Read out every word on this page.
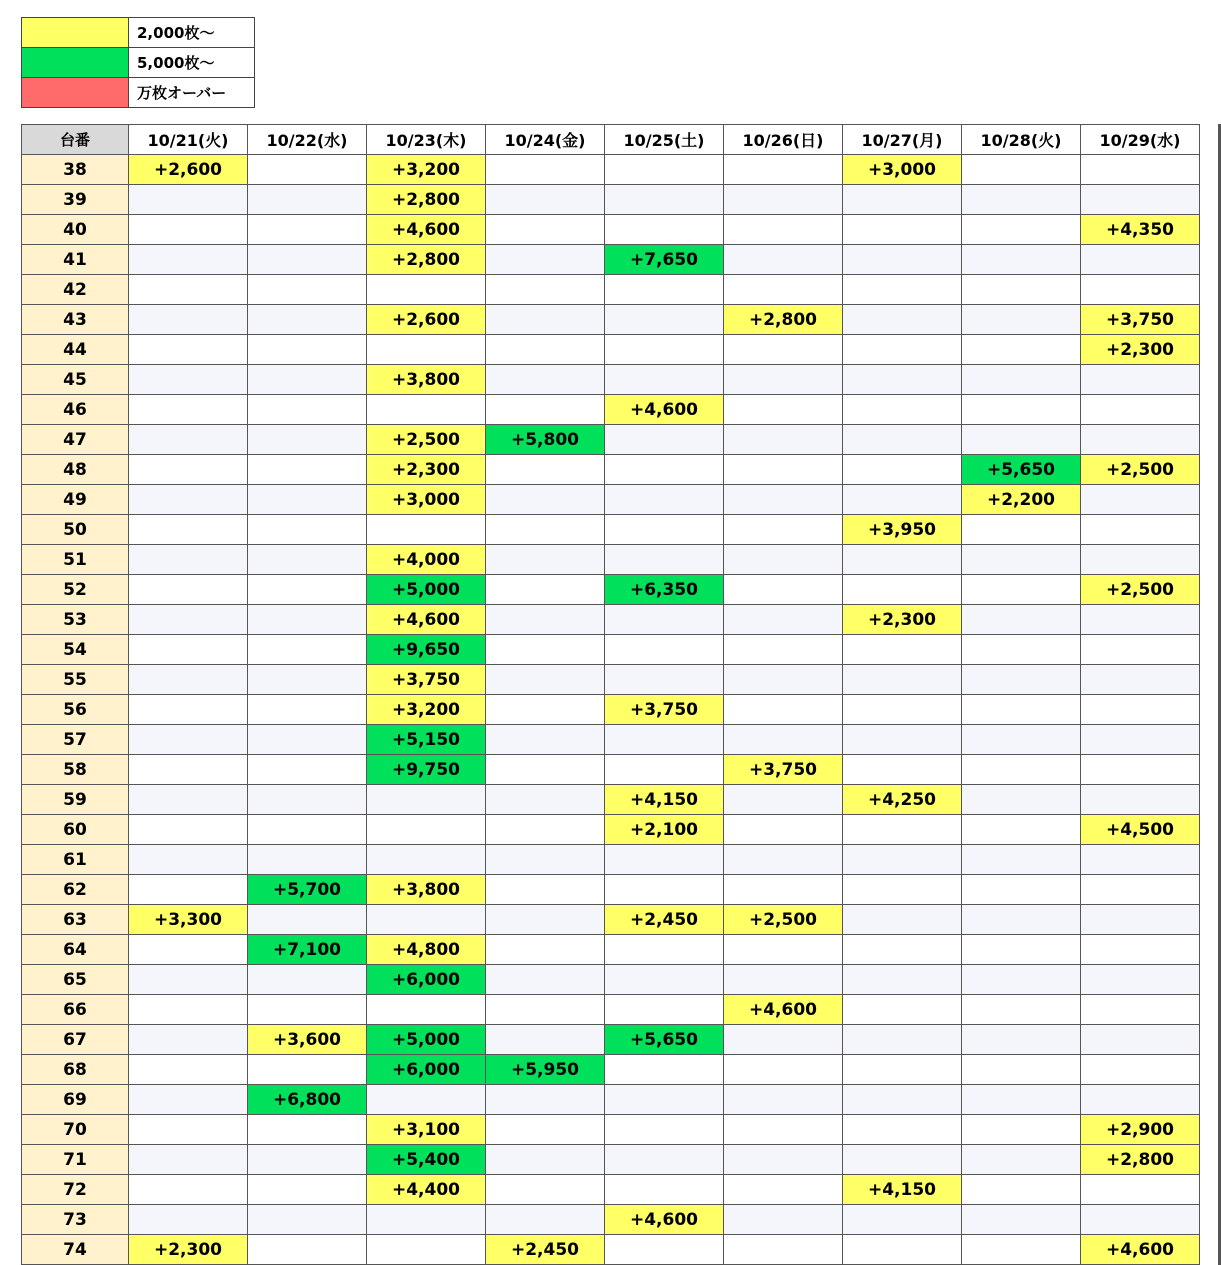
	2,000枚～
	5,000枚～
	万枚オーバー
台番	10/21(火)	10/22(水)	10/23(木)	10/24(金)	10/25(土)	10/26(日)	10/27(月)	10/28(火)	10/29(水)
38	+2,600		+3,200				+3,000		
39			+2,800						
40			+4,600						+4,350
41			+2,800		+7,650				
42									
43			+2,600			+2,800			+3,750
44									+2,300
45			+3,800						
46					+4,600				
47			+2,500	+5,800					
48			+2,300					+5,650	+2,500
49			+3,000					+2,200	
50							+3,950		
51			+4,000						
52			+5,000		+6,350				+2,500
53			+4,600				+2,300		
54			+9,650						
55			+3,750						
56			+3,200		+3,750				
57			+5,150						
58			+9,750			+3,750			
59					+4,150		+4,250		
60					+2,100				+4,500
61									
62		+5,700	+3,800						
63	+3,300				+2,450	+2,500			
64		+7,100	+4,800						
65			+6,000						
66						+4,600			
67		+3,600	+5,000		+5,650				
68			+6,000	+5,950					
69		+6,800							
70			+3,100						+2,900
71			+5,400						+2,800
72			+4,400				+4,150		
73					+4,600				
74	+2,300			+2,450					+4,600
